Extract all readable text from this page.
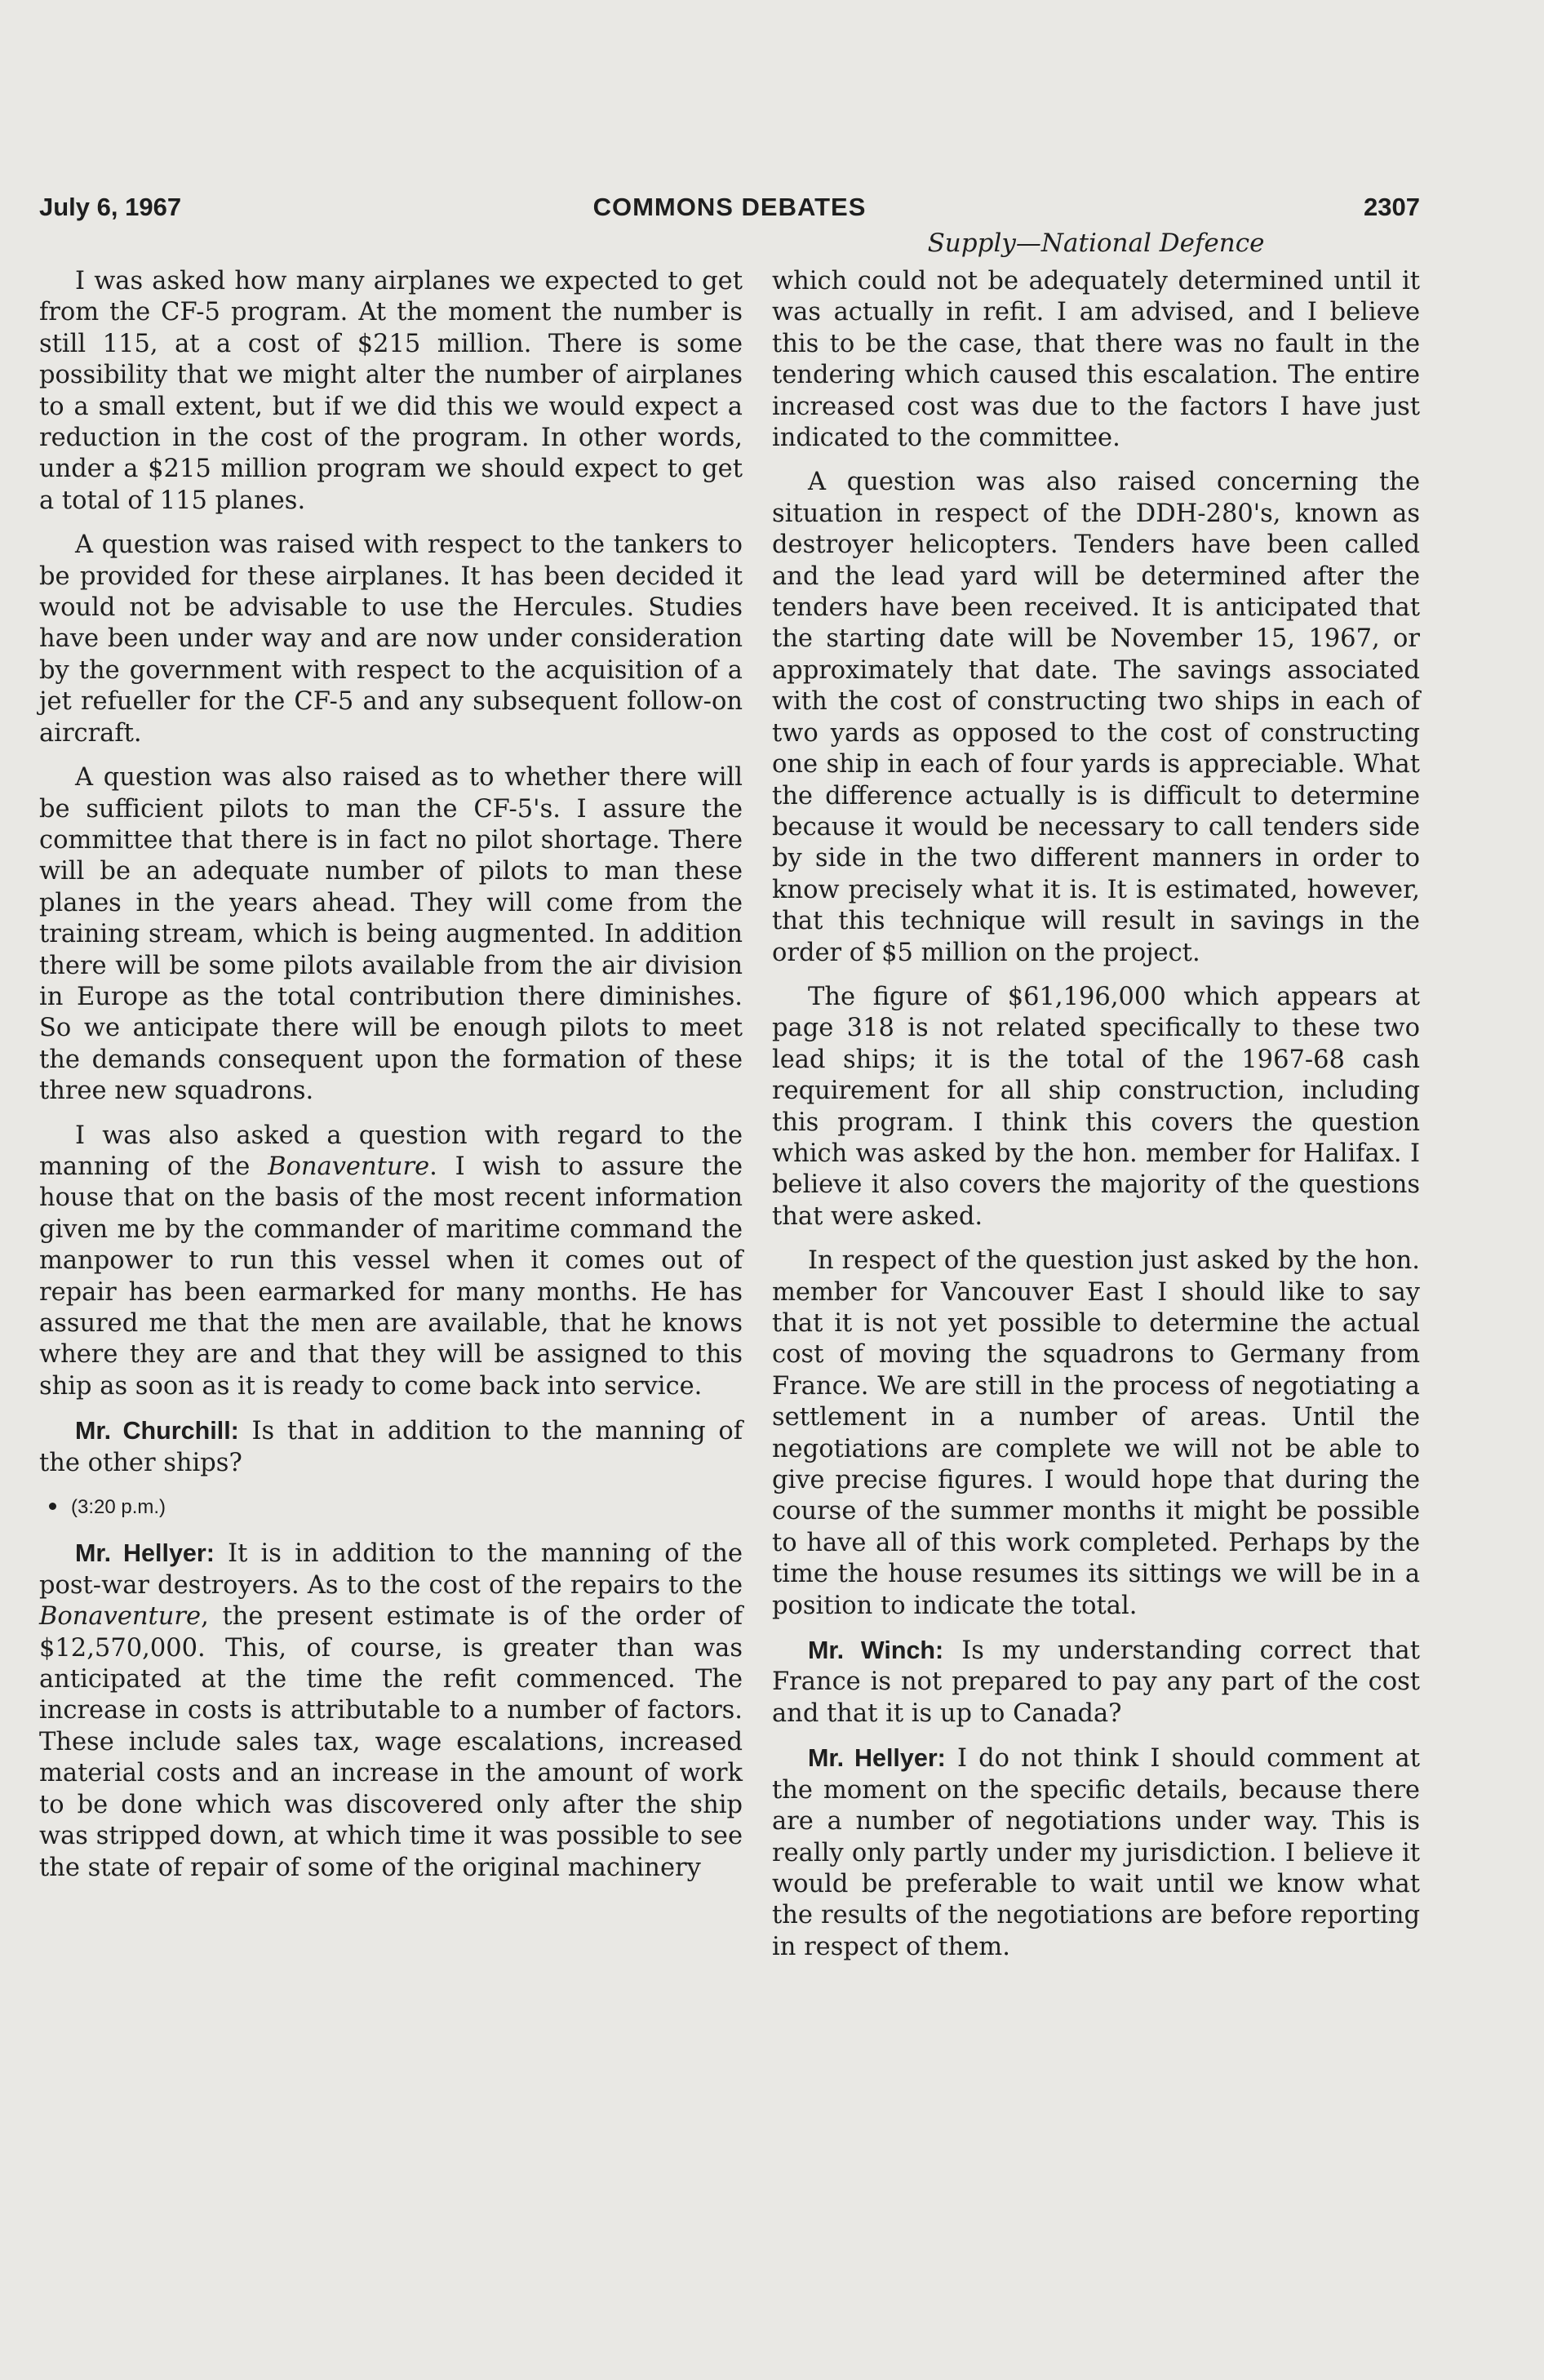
July 6, 1967	COMMONS DEBATES	2307
Supply—National Defence

I was asked how many airplanes we expected to get from the CF-5 program. At the moment the number is still 115, at a cost of $215 million. There is some possibility that we might alter the number of airplanes to a small extent, but if we did this we would expect a reduction in the cost of the program. In other words, under a $215 million program we should expect to get a total of 115 planes.

A question was raised with respect to the tankers to be provided for these airplanes. It has been decided it would not be advisable to use the Hercules. Studies have been under way and are now under consideration by the government with respect to the acquisition of a jet refueller for the CF-5 and any subsequent follow-on aircraft.

A question was also raised as to whether there will be sufficient pilots to man the CF-5's. I assure the committee that there is in fact no pilot shortage. There will be an adequate number of pilots to man these planes in the years ahead. They will come from the training stream, which is being augmented. In addition there will be some pilots available from the air division in Europe as the total contribution there diminishes. So we anticipate there will be enough pilots to meet the demands consequent upon the formation of these three new squadrons.

I was also asked a question with regard to the manning of the Bonaventure. I wish to assure the house that on the basis of the most recent information given me by the commander of maritime command the manpower to run this vessel when it comes out of repair has been earmarked for many months. He has assured me that the men are available, that he knows where they are and that they will be assigned to this ship as soon as it is ready to come back into service.

Mr. Churchill: Is that in addition to the manning of the other ships?

(3:20 p.m.)

Mr. Hellyer: It is in addition to the manning of the post-war destroyers. As to the cost of the repairs to the Bonaventure, the present estimate is of the order of $12,570,000. This, of course, is greater than was anticipated at the time the refit commenced. The increase in costs is attributable to a number of factors. These include sales tax, wage escalations, increased material costs and an increase in the amount of work to be done which was discovered only after the ship was stripped down, at which time it was possible to see the state of repair of some of the original machinery

which could not be adequately determined until it was actually in refit. I am advised, and I believe this to be the case, that there was no fault in the tendering which caused this escalation. The entire increased cost was due to the factors I have just indicated to the committee.

A question was also raised concerning the situation in respect of the DDH-280's, known as destroyer helicopters. Tenders have been called and the lead yard will be determined after the tenders have been received. It is anticipated that the starting date will be November 15, 1967, or approximately that date. The savings associated with the cost of constructing two ships in each of two yards as opposed to the cost of constructing one ship in each of four yards is appreciable. What the difference actually is is difficult to determine because it would be necessary to call tenders side by side in the two different manners in order to know precisely what it is. It is estimated, however, that this technique will result in savings in the order of $5 million on the project.

The figure of $61,196,000 which appears at page 318 is not related specifically to these two lead ships; it is the total of the 1967-68 cash requirement for all ship construction, including this program. I think this covers the question which was asked by the hon. member for Halifax. I believe it also covers the majority of the questions that were asked.

In respect of the question just asked by the hon. member for Vancouver East I should like to say that it is not yet possible to determine the actual cost of moving the squadrons to Germany from France. We are still in the process of negotiating a settlement in a number of areas. Until the negotiations are complete we will not be able to give precise figures. I would hope that during the course of the summer months it might be possible to have all of this work completed. Perhaps by the time the house resumes its sittings we will be in a position to indicate the total.

Mr. Winch: Is my understanding correct that France is not prepared to pay any part of the cost and that it is up to Canada?

Mr. Hellyer: I do not think I should comment at the moment on the specific details, because there are a number of negotiations under way. This is really only partly under my jurisdiction. I believe it would be preferable to wait until we know what the results of the negotiations are before reporting in respect of them.
